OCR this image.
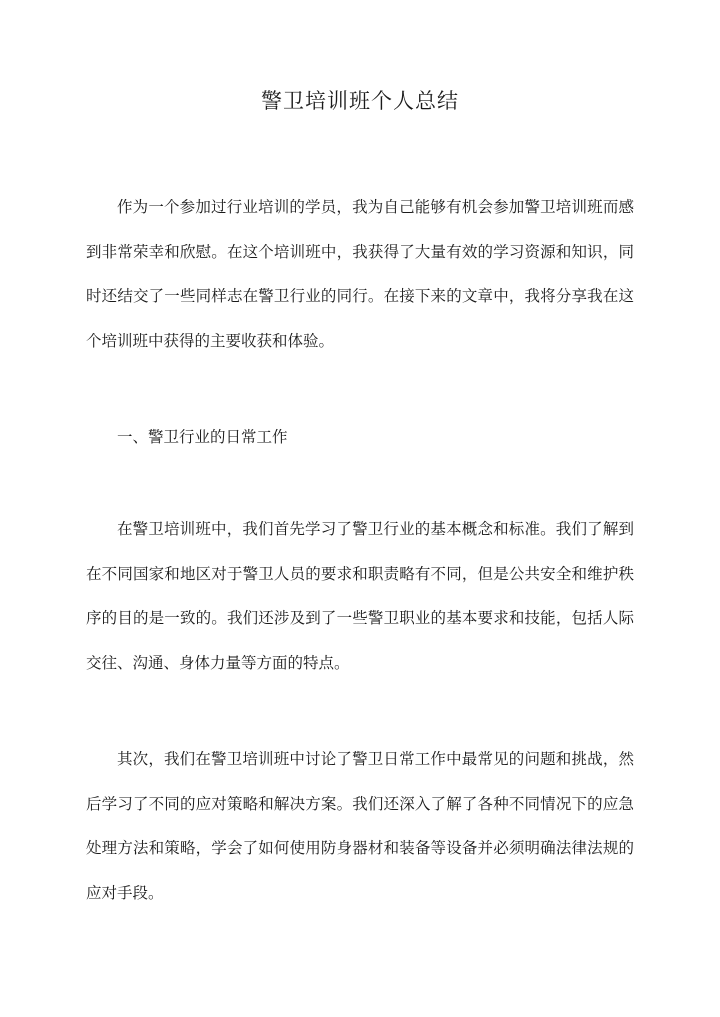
警卫培训班个人总结

作为一个参加过行业培训的学员，我为自己能够有机会参加警卫培训班而感到非常荣幸和欣慰。在这个培训班中，我获得了大量有效的学习资源和知识，同时还结交了一些同样志在警卫行业的同行。在接下来的文章中，我将分享我在这个培训班中获得的主要收获和体验。

一、警卫行业的日常工作

在警卫培训班中，我们首先学习了警卫行业的基本概念和标准。我们了解到在不同国家和地区对于警卫人员的要求和职责略有不同，但是公共安全和维护秩序的目的是一致的。我们还涉及到了一些警卫职业的基本要求和技能，包括人际交往、沟通、身体力量等方面的特点。

其次，我们在警卫培训班中讨论了警卫日常工作中最常见的问题和挑战，然后学习了不同的应对策略和解决方案。我们还深入了解了各种不同情况下的应急处理方法和策略，学会了如何使用防身器材和装备等设备并必须明确法律法规的应对手段。
